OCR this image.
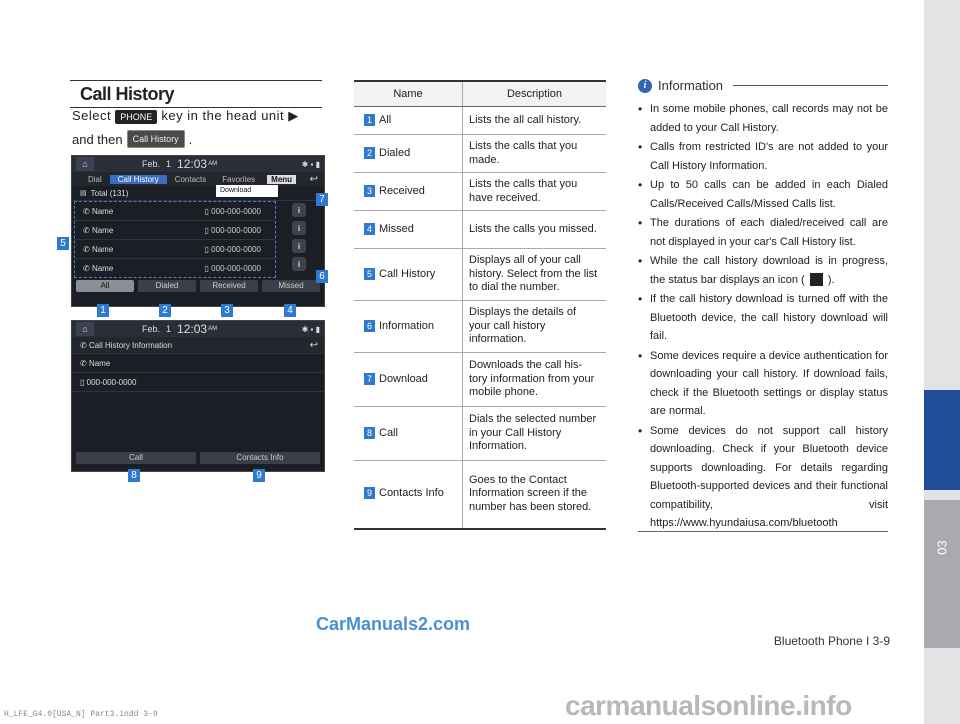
Call History
Select PHONE key in the head unit ▶
and then	Call History .
⌂	Feb. 1 12:03 AM	✱ ▪ ▮
Dial	Call History	Contacts	Favorites	Menu	↩
▤ Total (131)	Download
✆ Name	▯ 000-000-0000
✆ Name	▯ 000-000-0000
✆ Name	▯ 000-000-0000
✆ Name	▯ 000-000-0000
i
i
i
i
All	Dialed	Received	Missed
1	2	3	4
5
6
7
⌂	Feb. 1 12:03 AM	✱ ▪ ▮
✆ Call History Information	↩
✆ Name
▯ 000-000-0000
Call	Contacts Info
8	9
Name	Description
1 All	Lists the all call history.
2 Dialed	Lists the calls that you made.
3 Received	Lists the calls that you have received.
4 Missed	Lists the calls you missed.
5 Call History	Displays all of your call history. Select from the list to dial the number.
6 Information	Displays the details of your call history information.
7 Download	Downloads the call his-tory information from your mobile phone.
8 Call	Dials the selected number in your Call History Information.
9 Contacts Info	Goes to the Contact Information screen if the number has been stored.
i Information
• In some mobile phones, call records may not be added to your Call History.
• Calls from restricted ID's are not added to your Call History Information.
• Up to 50 calls can be added in each Dialed Calls/Received Calls/Missed Calls list.
• The durations of each dialed/received call are not displayed in your car's Call History list.
• While the call history download is in progress, the status bar displays an icon ( ).
• If the call history download is turned off with the Bluetooth device, the call history download will fail.
• Some devices require a device authentication for downloading your call history. If download fails, check if the Bluetooth settings or display status are normal.
• Some devices do not support call history downloading. Check if your Bluetooth device supports downloading. For details regarding Bluetooth-supported devices and their functional compatibility, visit https://www.hyundaiusa.com/bluetooth
03
Bluetooth Phone I 3-9
CarManuals2.com
carmanualsonline.info
H_LFE_G4.0[USA_N] Part3.indd 3-9
